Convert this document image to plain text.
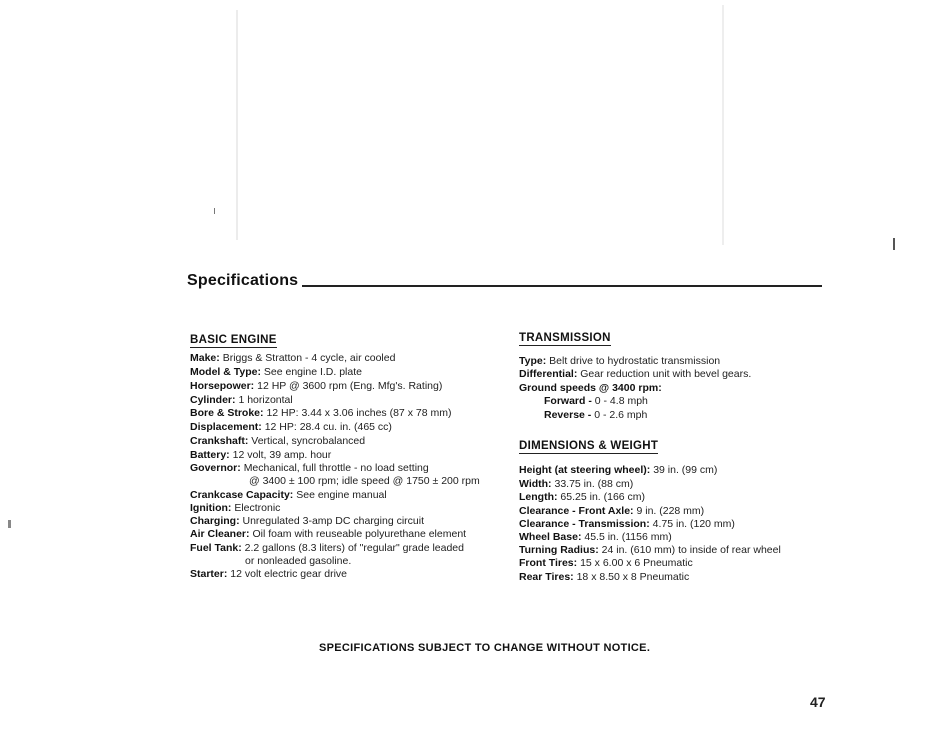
Specifications
BASIC ENGINE
Make: Briggs & Stratton - 4 cycle, air cooled
Model & Type: See engine I.D. plate
Horsepower: 12 HP @ 3600 rpm (Eng. Mfg's. Rating)
Cylinder: 1 horizontal
Bore & Stroke: 12 HP: 3.44 x 3.06 inches (87 x 78 mm)
Displacement: 12 HP: 28.4 cu. in. (465 cc)
Crankshaft: Vertical, syncrobalanced
Battery: 12 volt, 39 amp. hour
Governor: Mechanical, full throttle - no load setting
@ 3400 ± 100 rpm; idle speed @ 1750 ± 200 rpm
Crankcase Capacity: See engine manual
Ignition: Electronic
Charging: Unregulated 3-amp DC charging circuit
Air Cleaner: Oil foam with reuseable polyurethane element
Fuel Tank: 2.2 gallons (8.3 liters) of "regular" grade leaded
or nonleaded gasoline.
Starter: 12 volt electric gear drive
TRANSMISSION
Type: Belt drive to hydrostatic transmission
Differential: Gear reduction unit with bevel gears.
Ground speeds @ 3400 rpm:
Forward - 0 - 4.8 mph
Reverse - 0 - 2.6 mph
DIMENSIONS & WEIGHT
Height (at steering wheel): 39 in. (99 cm)
Width: 33.75 in. (88 cm)
Length: 65.25 in. (166 cm)
Clearance - Front Axle: 9 in. (228 mm)
Clearance - Transmission: 4.75 in. (120 mm)
Wheel Base: 45.5 in. (1156 mm)
Turning Radius: 24 in. (610 mm) to inside of rear wheel
Front Tires: 15 x 6.00 x 6 Pneumatic
Rear Tires: 18 x 8.50 x 8 Pneumatic
SPECIFICATIONS SUBJECT TO CHANGE WITHOUT NOTICE.
47
